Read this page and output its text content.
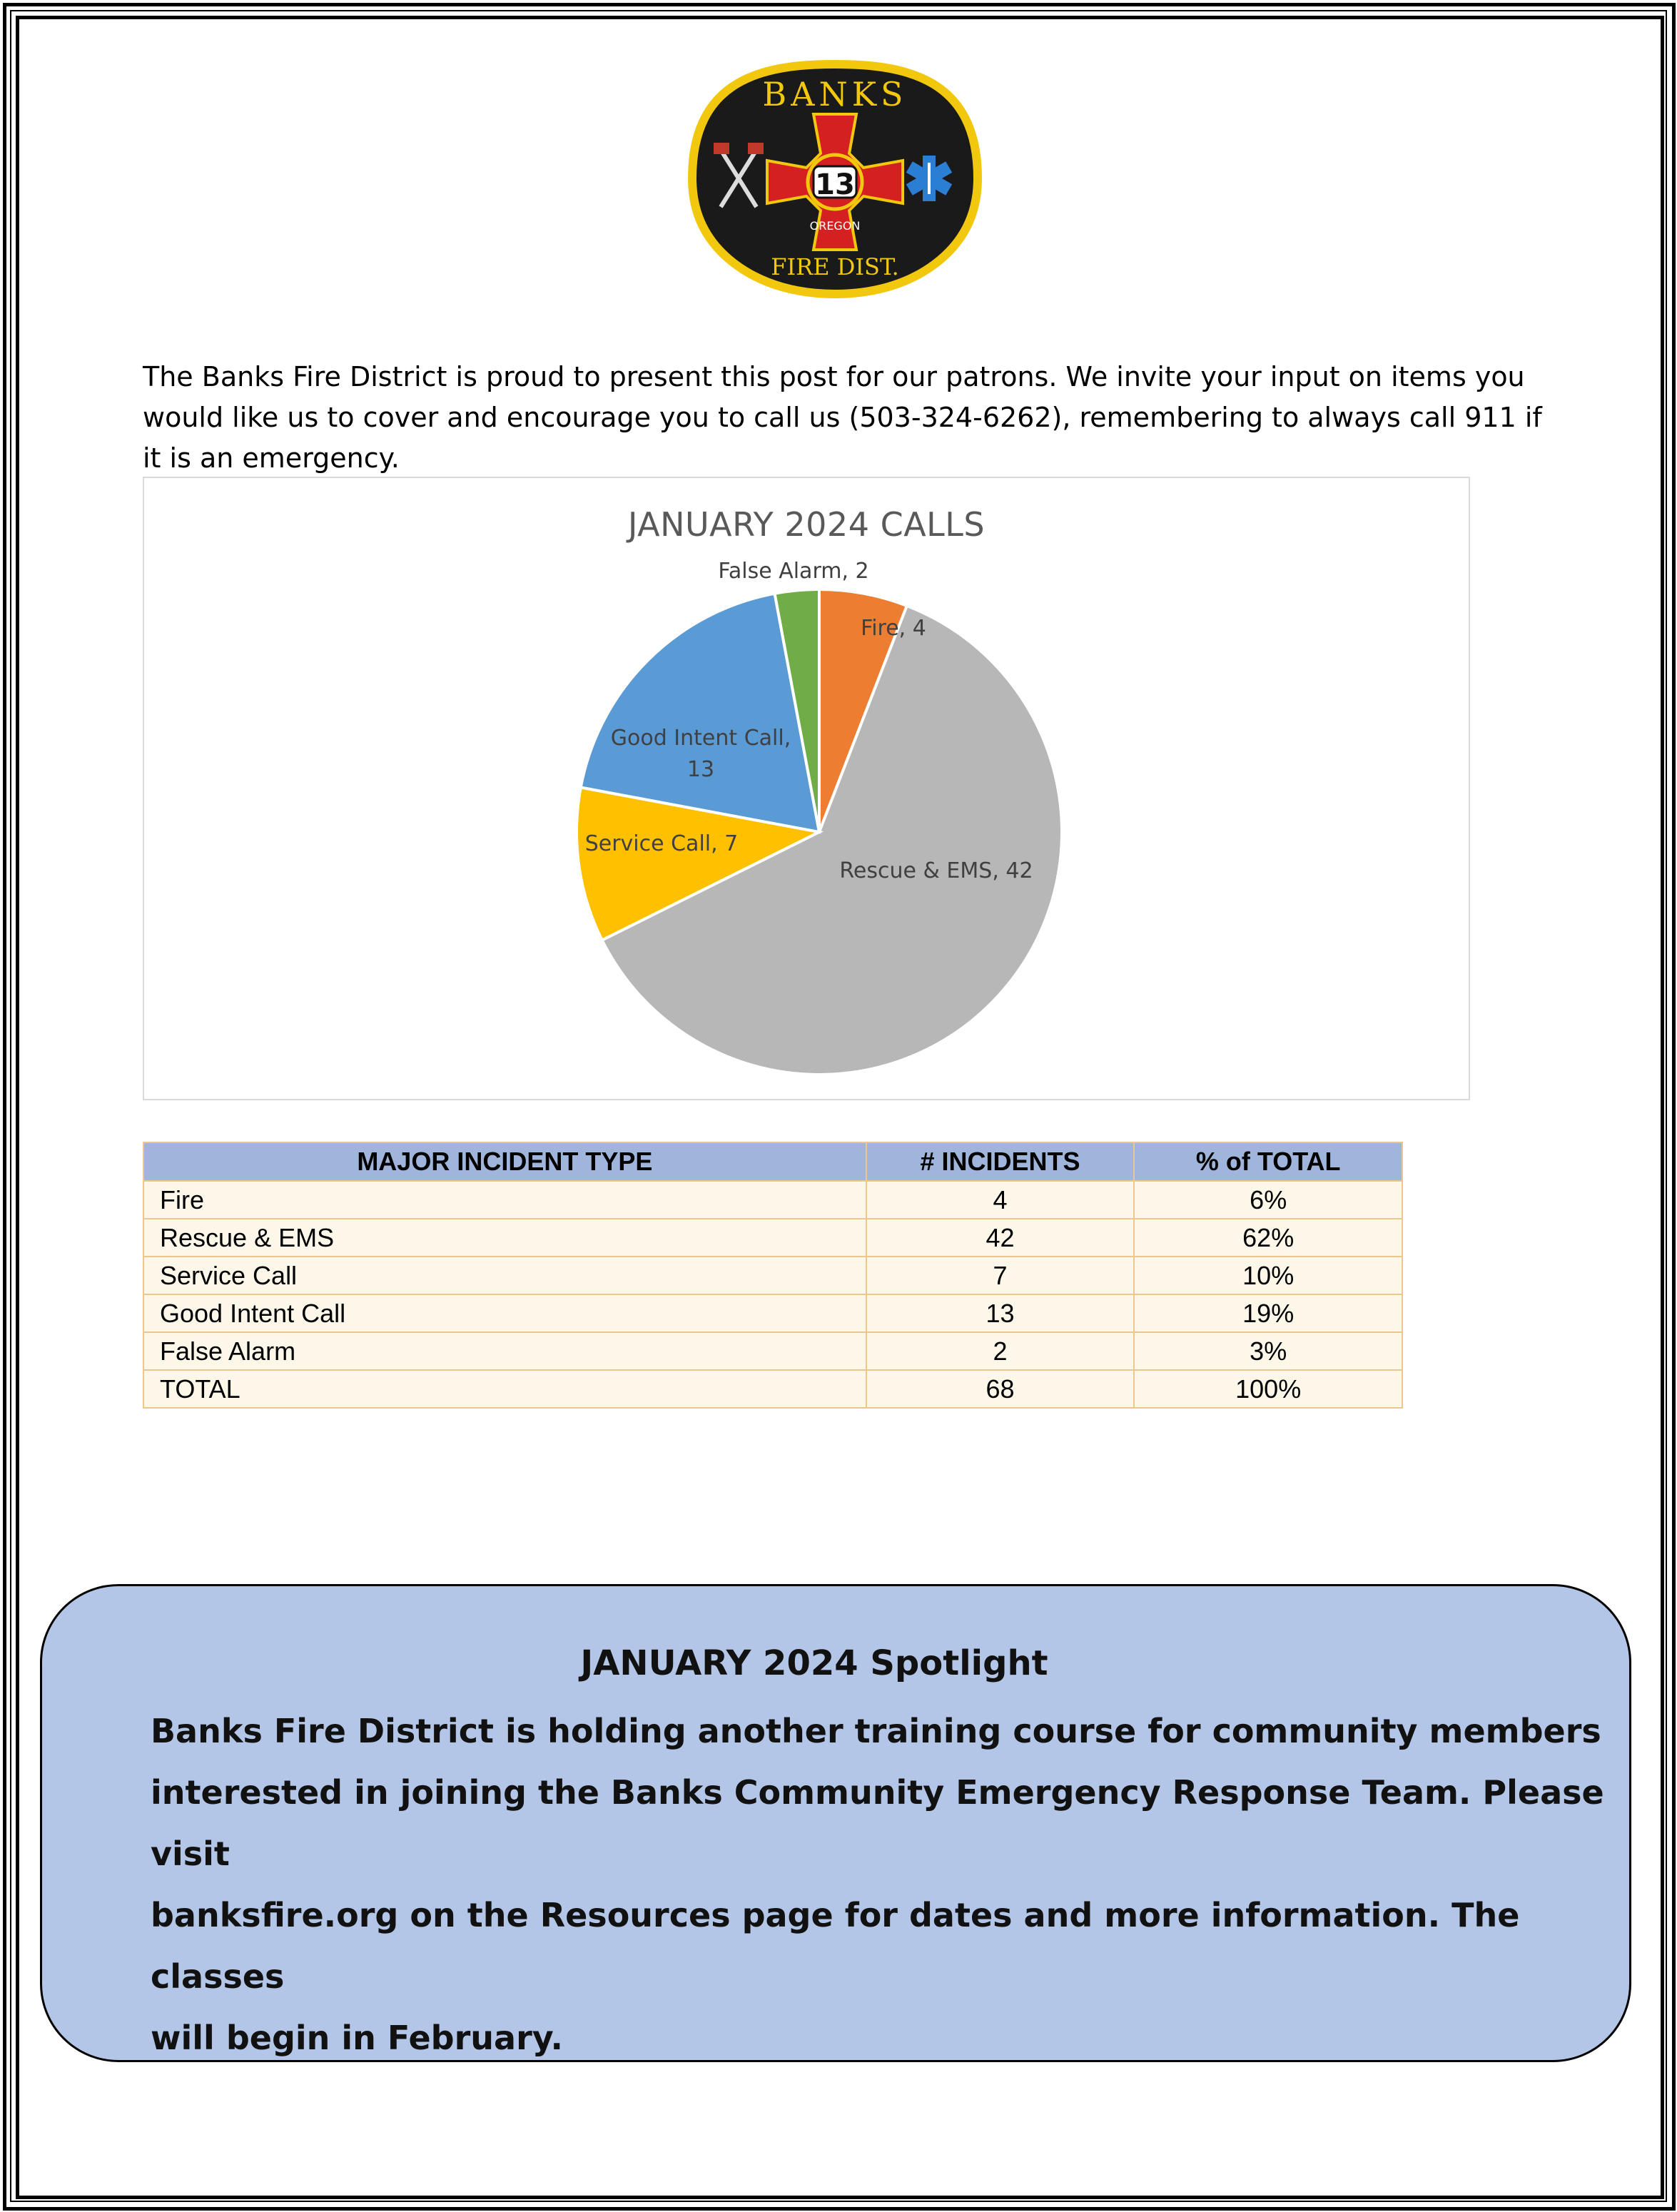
13
BANKS
OREGON
FIRE DIST.
The Banks Fire District is proud to present this post for our patrons. We invite your input on items you would like us to cover and encourage you to call us (503-324-6262), remembering to always call 911 if it is an emergency.
JANUARY 2024 CALLS
Fire, 4
Rescue & EMS, 42
Service Call, 7
Good Intent Call, 13
False Alarm, 2
MAJOR INCIDENT TYPE	# INCIDENTS	% of TOTAL
Fire	4	6%
Rescue & EMS	42	62%
Service Call	7	10%
Good Intent Call	13	19%
False Alarm	2	3%
TOTAL	68	100%
JANUARY 2024 Spotlight
Banks Fire District is holding another training course for community members
interested in joining the Banks Community Emergency Response Team. Please visit
banksfire.org on the Resources page for dates and more information. The classes
will begin in February.
